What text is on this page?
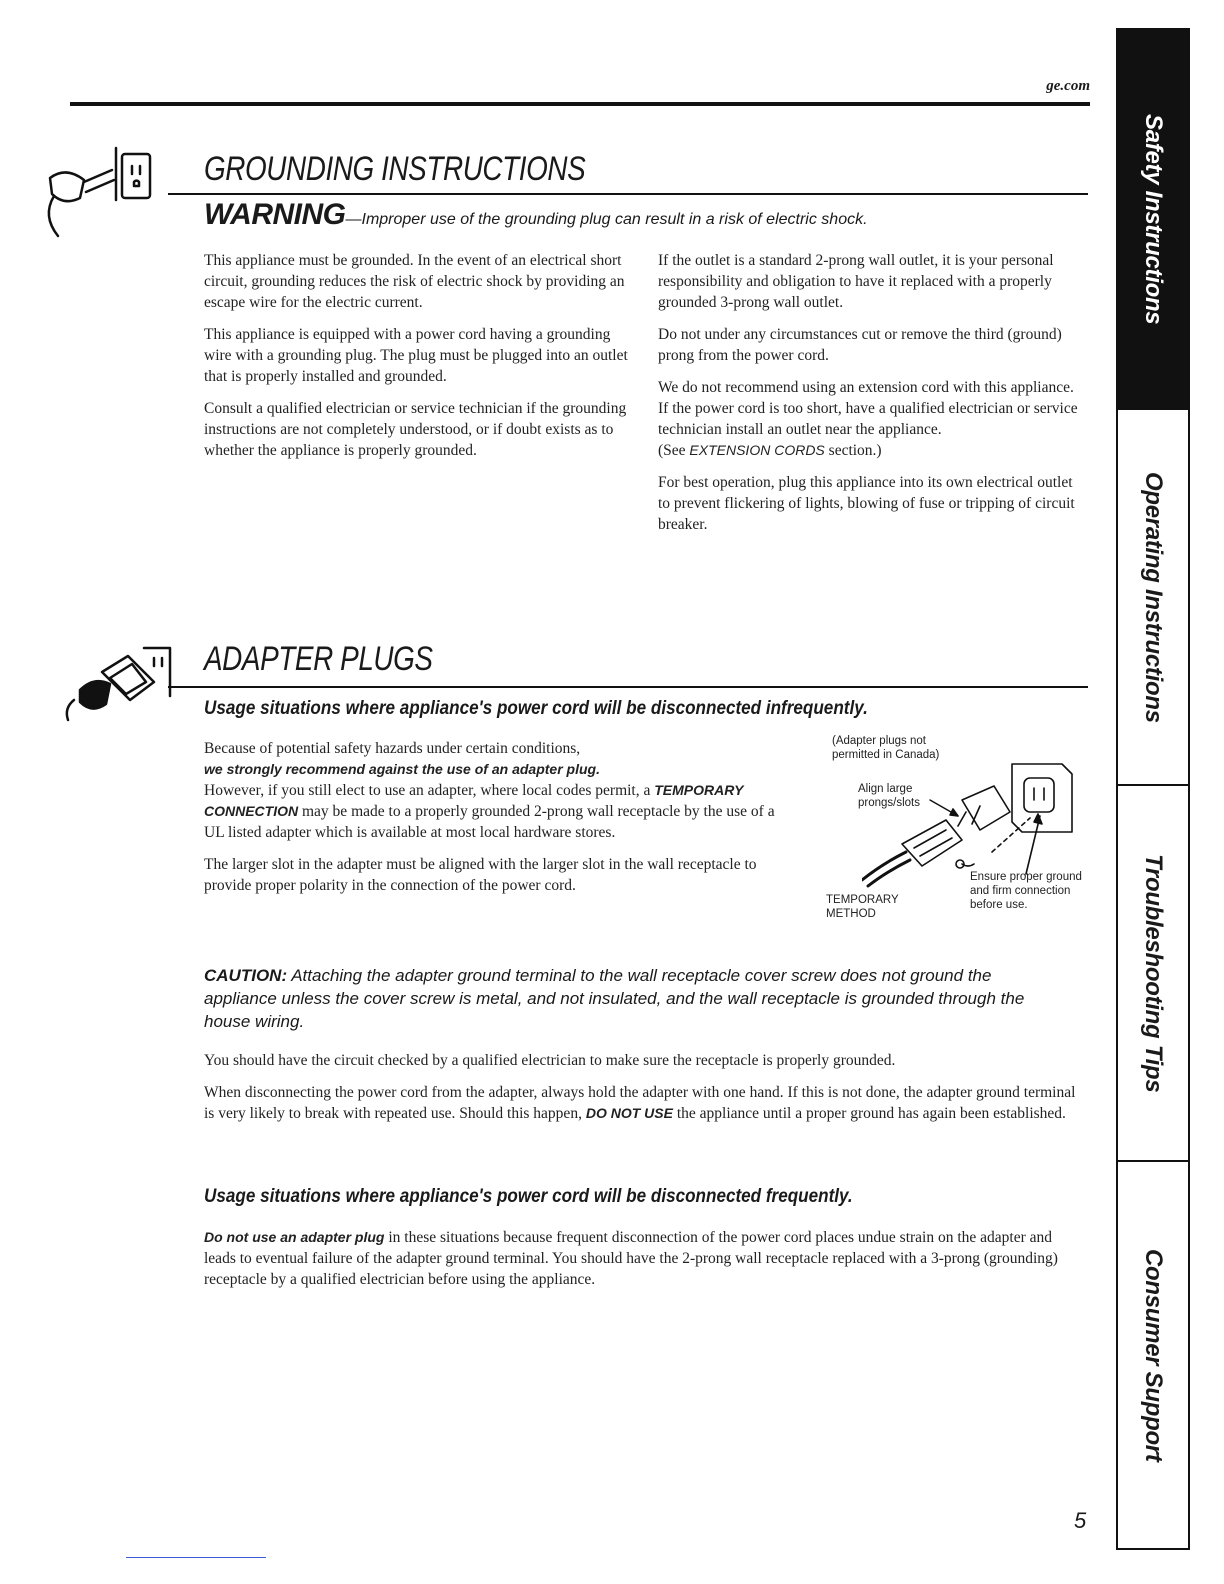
ge.com
GROUNDING INSTRUCTIONS
WARNING—Improper use of the grounding plug can result in a risk of electric shock.

This appliance must be grounded. In the event of an electrical short circuit, grounding reduces the risk of electric shock by providing an escape wire for the electric current.

This appliance is equipped with a power cord having a grounding wire with a grounding plug. The plug must be plugged into an outlet that is properly installed and grounded.

Consult a qualified electrician or service technician if the grounding instructions are not completely understood, or if doubt exists as to whether the appliance is properly grounded.

If the outlet is a standard 2-prong wall outlet, it is your personal responsibility and obligation to have it replaced with a properly grounded 3-prong wall outlet.

Do not under any circumstances cut or remove the third (ground) prong from the power cord.

We do not recommend using an extension cord with this appliance. If the power cord is too short, have a qualified electrician or service technician install an outlet near the appliance.

(See EXTENSION CORDS section.)

For best operation, plug this appliance into its own electrical outlet to prevent flickering of lights, blowing of fuse or tripping of circuit breaker.

ADAPTER PLUGS
Usage situations where appliance's power cord will be disconnected infrequently.

Because of potential safety hazards under certain conditions,

we strongly recommend against the use of an adapter plug.

However, if you still elect to use an adapter, where local codes permit, a TEMPORARY CONNECTION may be made to a properly grounded 2-prong wall receptacle by the use of a UL listed adapter which is available at most local hardware stores.

The larger slot in the adapter must be aligned with the larger slot in the wall receptacle to provide proper polarity in the connection of the power cord.

(Adapter plugs not permitted in Canada)
Align large prongs/slots
Ensure proper ground and firm connection before use.
TEMPORARY METHOD
CAUTION: Attaching the adapter ground terminal to the wall receptacle cover screw does not ground the appliance unless the cover screw is metal, and not insulated, and the wall receptacle is grounded through the house wiring.

You should have the circuit checked by a qualified electrician to make sure the receptacle is properly grounded.

When disconnecting the power cord from the adapter, always hold the adapter with one hand. If this is not done, the adapter ground terminal is very likely to break with repeated use. Should this happen, DO NOT USE the appliance until a proper ground has again been established.

Usage situations where appliance's power cord will be disconnected frequently.

Do not use an adapter plug in these situations because frequent disconnection of the power cord places undue strain on the adapter and leads to eventual failure of the adapter ground terminal. You should have the 2-prong wall receptacle replaced with a 3-prong (grounding) receptacle by a qualified electrician before using the appliance.

Safety Instructions
Operating Instructions
Troubleshooting Tips
Consumer Support
5
